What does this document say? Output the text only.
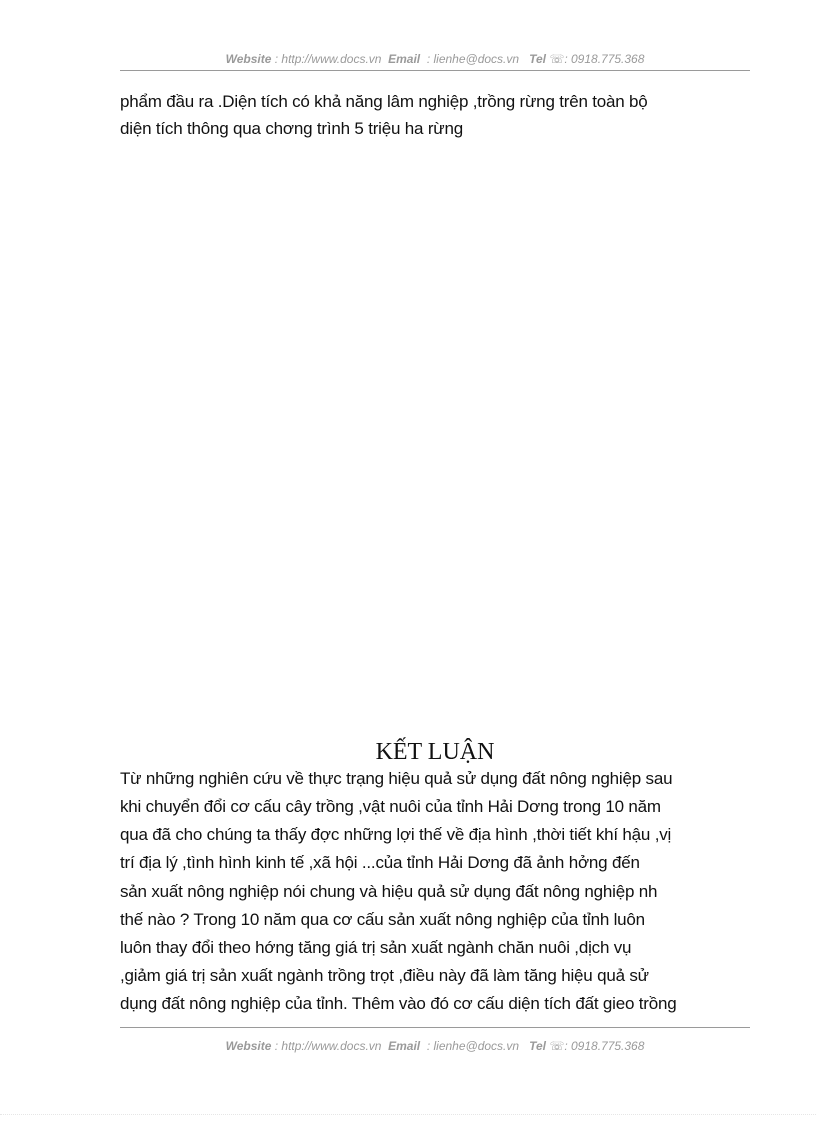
Website : http://www.docs.vn Email : lienhe@docs.vn Tel ☏: 0918.775.368
phẩm đầu ra .Diện tích có khả năng lâm nghiệp ,trồng rừng trên toàn bộ
diện tích thông qua chơng trình 5 triệu ha rừng
KẾT LUẬN
Từ những nghiên cứu về thực trạng hiệu quả sử dụng đất nông nghiệp sau
khi chuyển đổi cơ cấu cây trồng ,vật nuôi của tỉnh Hải Dơng trong 10 năm
qua đã cho chúng ta thấy đợc những lợi thế về địa hình ,thời tiết khí hậu ,vị
trí địa lý ,tình hình kinh tế ,xã hội ...của tỉnh Hải Dơng đã ảnh hởng đến
sản xuất nông nghiệp nói chung và hiệu quả sử dụng đất nông nghiệp nh
thế nào ? Trong 10 năm qua cơ cấu sản xuất nông nghiệp của tỉnh luôn
luôn thay đổi theo hớng tăng giá trị sản xuất ngành chăn nuôi ,dịch vụ
,giảm giá trị sản xuất ngành trồng trọt ,điều này đã làm tăng hiệu quả sử
dụng đất nông nghiệp của tỉnh. Thêm vào đó cơ cấu diện tích đất gieo trồng
Website : http://www.docs.vn Email : lienhe@docs.vn Tel ☏: 0918.775.368
